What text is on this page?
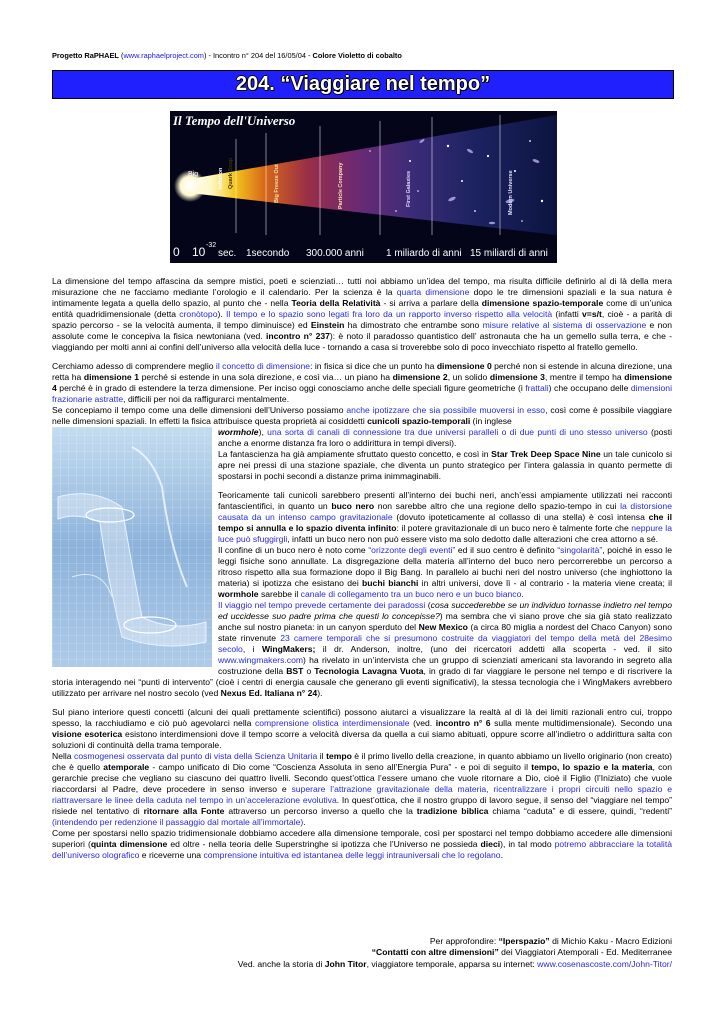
Progetto RaPHAEL (www.raphaelproject.com) - Incontro n° 204 del 16/05/04 - Colore Violetto di cobalto
204. “Viaggiare nel tempo”
Il Tempo dell'Universo
Big
Bang	Inflation Quark Soup	Big Freeze Out	Particle Company	First Galaxies	Modern Universe
0 10 -32
sec. 1secondo 300.000 anni 1 miliardo di anni 15 miliardi di anni

La dimensione del tempo affascina da sempre mistici, poeti e scienziati… tutti noi abbiamo un’idea del tempo, ma risulta difficile definirlo al di là della mera misurazione che ne facciamo mediante l’orologio e il calendario. Per la scienza è la quarta dimensione dopo le tre dimensioni spaziali e la sua natura è intimamente legata a quella dello spazio, al punto che - nella Teoria della Relatività - si arriva a parlare della dimensione spazio-temporale come di un’unica entità quadridimensionale (detta cronòtopo). Il tempo e lo spazio sono legati fra loro da un rapporto inverso rispetto alla velocità (infatti v=s/t, cioè - a parità di spazio percorso - se la velocità aumenta, il tempo diminuisce) ed Einstein ha dimostrato che entrambe sono misure relative al sistema di osservazione e non assolute come le concepiva la fisica newtoniana (ved. incontro n° 237): è noto il paradosso quantistico dell’ astronauta che ha un gemello sulla terra, e che - viaggiando per molti anni ai confini dell’universo alla velocità della luce - tornando a casa si troverebbe solo di poco invecchiato rispetto al fratello gemello.

Cerchiamo adesso di comprendere meglio il concetto di dimensione: in fisica si dice che un punto ha dimensione 0 perché non si estende in alcuna direzione, una retta ha dimensione 1 perché si estende in una sola direzione, e così via… un piano ha dimensione 2, un solido dimensione 3, mentre il tempo ha dimensione 4 perché è in grado di estendere la terza dimensione. Per inciso oggi conosciamo anche delle speciali figure geometriche (i frattali) che occupano delle dimensioni frazionarie astratte, difficili per noi da raffigurarci mentalmente.

Se concepiamo il tempo come una delle dimensioni dell’Universo possiamo anche ipotizzare che sia possibile muoversi in esso, così come è possibile viaggiare nelle dimensioni spaziali. In effetti la fisica attribuisce questa proprietà ai cosiddetti cunicoli spazio-temporali (in inglese

wormhole), una sorta di canali di connessione tra due universi paralleli o di due punti di uno stesso universo (posti anche a enorme distanza fra loro o addirittura in tempi diversi).
La fantascienza ha già ampiamente sfruttato questo concetto, e così in Star Trek Deep Space Nine un tale cunicolo si apre nei pressi di una stazione spaziale, che diventa un punto strategico per l’intera galassia in quanto permette di spostarsi in pochi secondi a distanze prima inimmaginabili.

Teoricamente tali cunicoli sarebbero presenti all’interno dei buchi neri, anch’essi ampiamente utilizzati nei racconti fantascientifici, in quanto un buco nero non sarebbe altro che una regione dello spazio-tempo in cui la distorsione causata da un intenso campo gravitazionale (dovuto ipoteticamente al collasso di una stella) è così intensa che il tempo si annulla e lo spazio diventa infinito: il potere gravitazionale di un buco nero è talmente forte che neppure la luce può sfuggirgli, infatti un buco nero non può essere visto ma solo dedotto dalle alterazioni che crea attorno a sé.

Il confine di un buco nero è noto come “orizzonte degli eventi” ed il suo centro è definito “singolarità”, poiché in esso le leggi fisiche sono annullate. La disgregazione della materia all’interno del buco nero percorrerebbe un percorso a ritroso rispetto alla sua formazione dopo il Big Bang. In parallelo ai buchi neri del nostro universo (che inghiottono la materia) si ipotizza che esistano dei buchi bianchi in altri universi, dove lì - al contrario - la materia viene creata; il wormhole sarebbe il canale di collegamento tra un buco nero e un buco bianco.

Il viaggio nel tempo prevede certamente dei paradossi (cosa succederebbe se un individuo tornasse indietro nel tempo ed uccidesse suo padre prima che questi lo concepisse?) ma sembra che vi siano prove che sia già stato realizzato anche sul nostro pianeta: in un canyon sperduto del New Mexico (a circa 80 miglia a nordest del Chaco Canyon) sono state rinvenute 23 camere temporali che si presumono costruite da viaggiatori del tempo della metà del 28esimo secolo, i WingMakers; il dr. Anderson, inoltre, (uno dei ricercatori addetti alla scoperta - ved. il sito www.wingmakers.com) ha rivelato in un’intervista che un gruppo di scienziati americani sta lavorando in segreto alla costruzione della BST o Tecnologia Lavagna Vuota, in grado di far viaggiare le persone nel tempo e di riscrivere la storia interagendo nei “punti di intervento” (cioè i centri di energia causale che generano gli eventi significativi), la stessa tecnologia che i WingMakers avrebbero utilizzato per arrivare nel nostro secolo (ved Nexus Ed. Italiana n° 24).

Sul piano interiore questi concetti (alcuni dei quali prettamente scientifici) possono aiutarci a visualizzare la realtà al di là dei limiti razionali entro cui, troppo spesso, la racchiudiamo e ciò può agevolarci nella comprensione olistica interdimensionale (ved. incontro n° 6 sulla mente multidimensionale). Secondo una visione esoterica esistono interdimensioni dove il tempo scorre a velocità diversa da quella a cui siamo abituati, oppure scorre all’indietro o addirittura salta con soluzioni di continuità della trama temporale.

Nella cosmogenesi osservata dal punto di vista della Scienza Unitaria il tempo è il primo livello della creazione, in quanto abbiamo un livello originario (non creato) che è quello atemporale - campo unificato di Dio come “Coscienza Assoluta in seno all’Energia Pura” - e poi di seguito il tempo, lo spazio e la materia, con gerarchie precise che vegliano su ciascuno dei quattro livelli. Secondo quest’ottica l’essere umano che vuole ritornare a Dio, cioè il Figlio (l’Iniziato) che vuole riaccordarsi al Padre, deve procedere in senso inverso e superare l’attrazione gravitazionale della materia, ricentralizzare i propri circuiti nello spazio e riattraversare le linee della caduta nel tempo in un’accelerazione evolutiva. In quest’ottica, che il nostro gruppo di lavoro segue, il senso del “viaggiare nel tempo” risiede nel tentativo di ritornare alla Fonte attraverso un percorso inverso a quello che la tradizione biblica chiama “caduta” e di essere, quindi, “redenti” (intendendo per redenzione il passaggio dal mortale all’immortale).

Come per spostarsi nello spazio tridimensionale dobbiamo accedere alla dimensione temporale, così per spostarci nel tempo dobbiamo accedere alle dimensioni superiori (quinta dimensione ed oltre - nella teoria delle Superstringhe si ipotizza che l’Universo ne possieda dieci), in tal modo potremo abbracciare la totalità dell’universo olografico e riceverne una comprensione intuitiva ed istantanea delle leggi intrauniversali che lo regolano.

Per approfondire: “Iperspazio” di Michio Kaku - Macro Edizioni
“Contatti con altre dimensioni” dei Viaggiatori Atemporali - Ed. Mediterranee
Ved. anche la storia di John Titor, viaggiatore temporale, apparsa su internet: www.cosenascoste.com/John-Titor/
